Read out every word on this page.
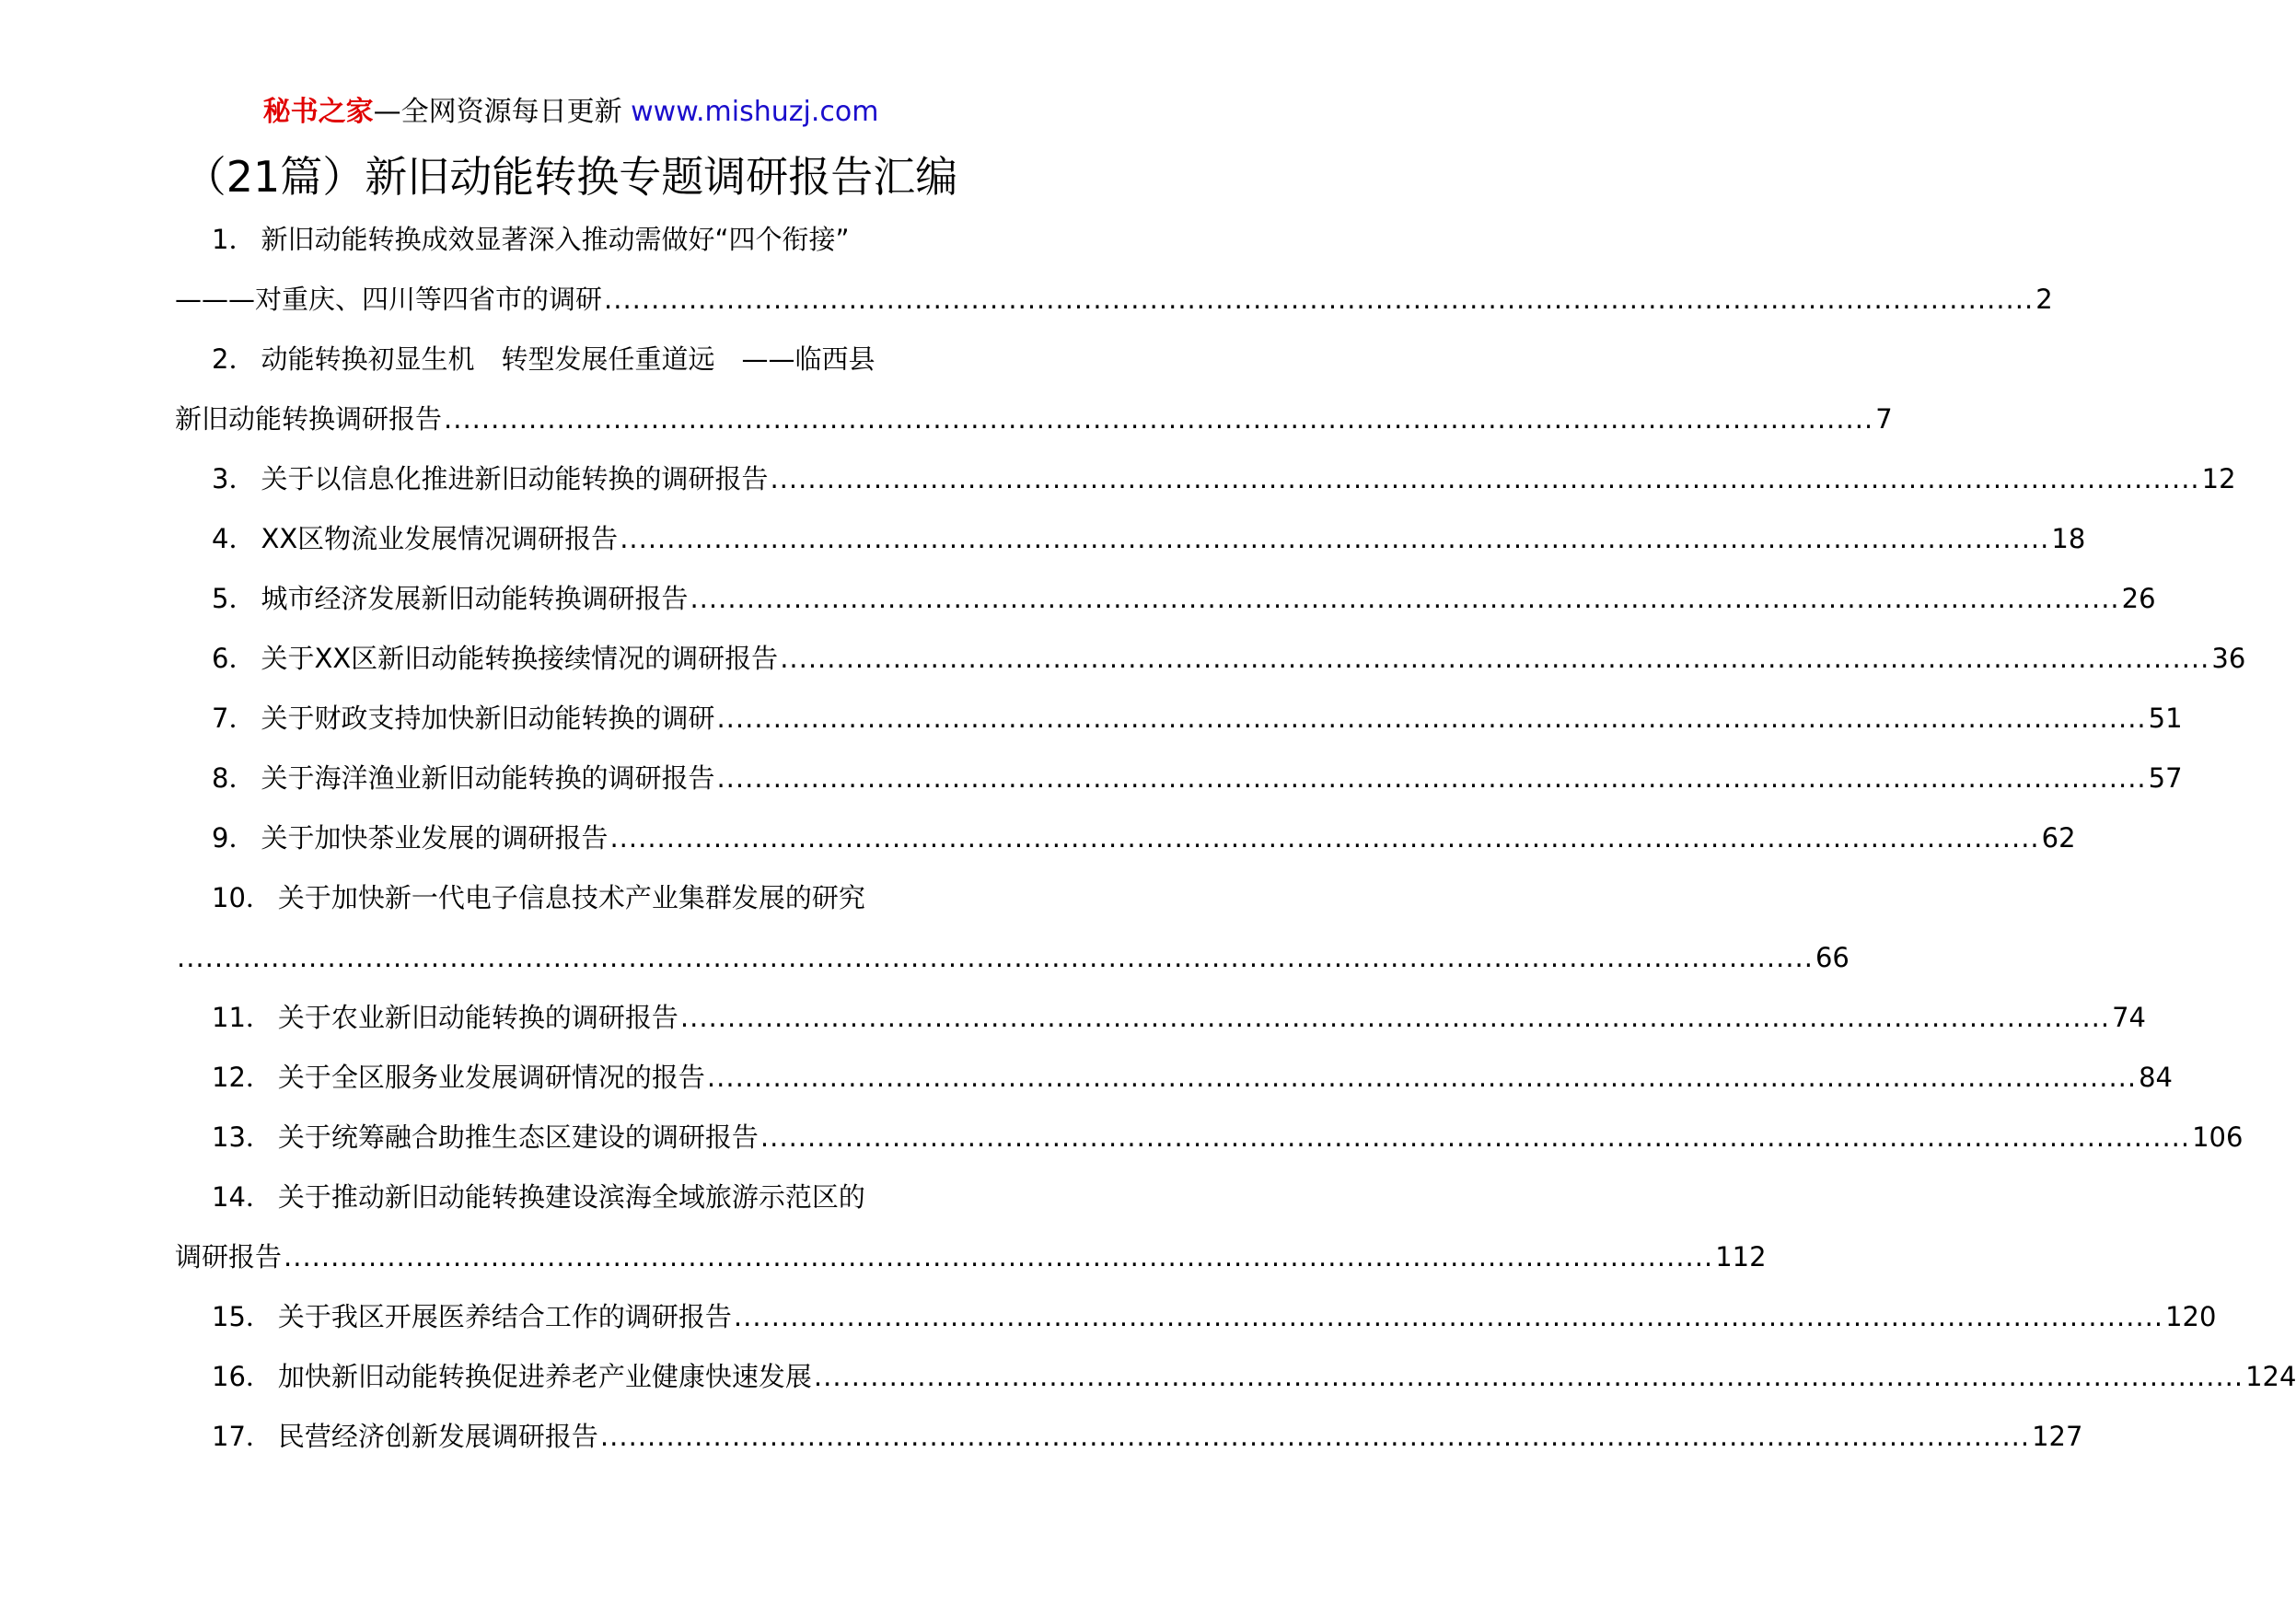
秘书之家—全网资源每日更新 www.mishuzj.com
（21篇）新旧动能转换专题调研报告汇编
1． 新旧动能转换成效显著深入推动需做好“四个衔接”
———对重庆、四川等四省市的调研 ........................................................................................................................................................ 2
2． 动能转换初显生机　转型发展任重道远　——临西县
新旧动能转换调研报告 ........................................................................................................................................................ 7
3． 关于以信息化推进新旧动能转换的调研报告 ........................................................................................................................................................ 12
4． XX区物流业发展情况调研报告 ........................................................................................................................................................ 18
5． 城市经济发展新旧动能转换调研报告 ........................................................................................................................................................ 26
6． 关于XX区新旧动能转换接续情况的调研报告 ........................................................................................................................................................ 36
7． 关于财政支持加快新旧动能转换的调研 ........................................................................................................................................................ 51
8． 关于海洋渔业新旧动能转换的调研报告 ........................................................................................................................................................ 57
9． 关于加快茶业发展的调研报告 ........................................................................................................................................................ 62
10． 关于加快新一代电子信息技术产业集群发展的研究
.............................................................................................................................................................................. 66
11． 关于农业新旧动能转换的调研报告 ........................................................................................................................................................ 74
12． 关于全区服务业发展调研情况的报告 ........................................................................................................................................................ 84
13． 关于统筹融合助推生态区建设的调研报告 ........................................................................................................................................................ 106
14． 关于推动新旧动能转换建设滨海全域旅游示范区的
调研报告 ........................................................................................................................................................ 112
15． 关于我区开展医养结合工作的调研报告 ........................................................................................................................................................ 120
16． 加快新旧动能转换促进养老产业健康快速发展 ........................................................................................................................................................ 124
17． 民营经济创新发展调研报告 ........................................................................................................................................................ 127
